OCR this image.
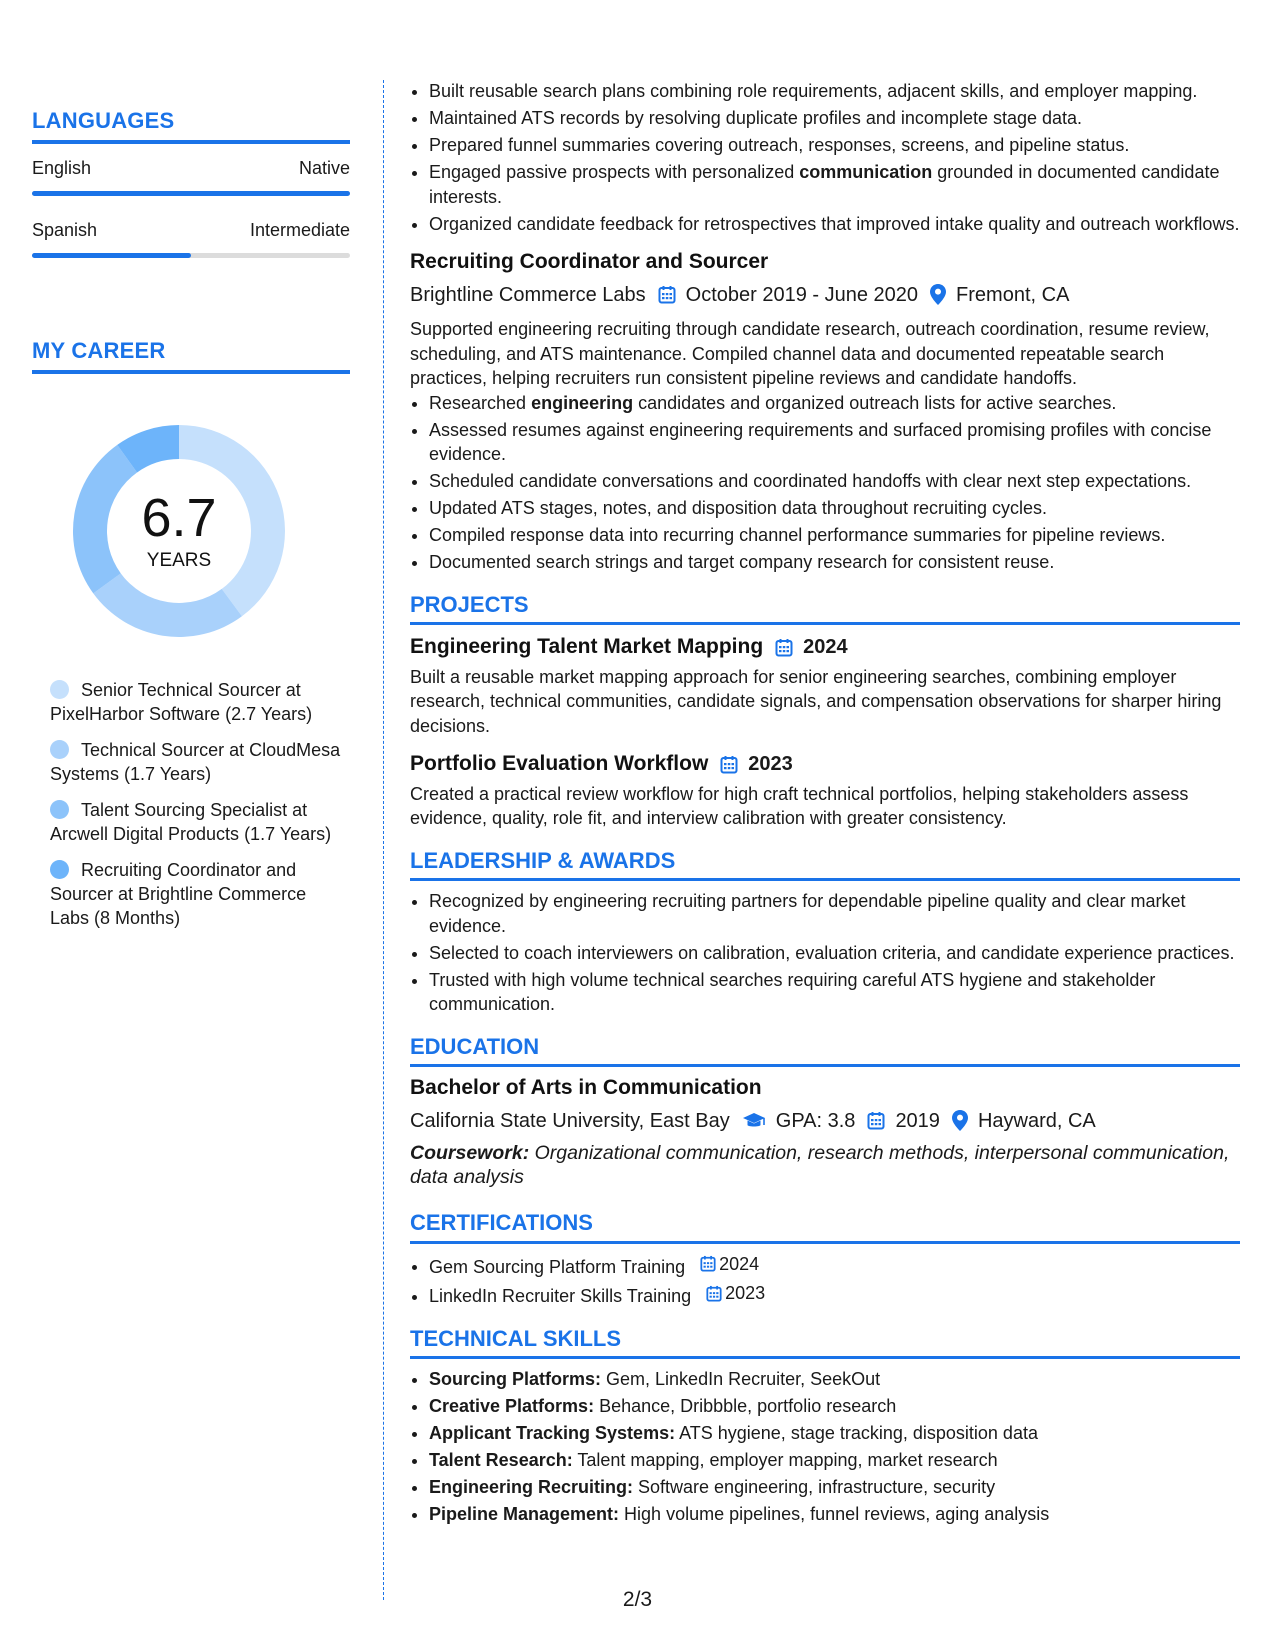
LANGUAGES
English	Native
Spanish	Intermediate
MY CAREER
6.7
YEARS
Senior Technical Sourcer at PixelHarbor Software (2.7 Years)
Technical Sourcer at CloudMesa Systems (1.7 Years)
Talent Sourcing Specialist at Arcwell Digital Products (1.7 Years)
Recruiting Coordinator and Sourcer at Brightline Commerce Labs (8 Months)
• Built reusable search plans combining role requirements, adjacent skills, and employer mapping.
• Maintained ATS records by resolving duplicate profiles and incomplete stage data.
• Prepared funnel summaries covering outreach, responses, screens, and pipeline status.
• Engaged passive prospects with personalized communication grounded in documented candidate interests.
• Organized candidate feedback for retrospectives that improved intake quality and outreach workflows.
Recruiting Coordinator and Sourcer
Brightline Commerce Labs October 2019 - June 2020 Fremont, CA
Supported engineering recruiting through candidate research, outreach coordination, resume review, scheduling, and ATS maintenance. Compiled channel data and documented repeatable search practices, helping recruiters run consistent pipeline reviews and candidate handoffs.
• Researched engineering candidates and organized outreach lists for active searches.
• Assessed resumes against engineering requirements and surfaced promising profiles with concise evidence.
• Scheduled candidate conversations and coordinated handoffs with clear next step expectations.
• Updated ATS stages, notes, and disposition data throughout recruiting cycles.
• Compiled response data into recurring channel performance summaries for pipeline reviews.
• Documented search strings and target company research for consistent reuse.
PROJECTS
Engineering Talent Market Mapping 2024
Built a reusable market mapping approach for senior engineering searches, combining employer research, technical communities, candidate signals, and compensation observations for sharper hiring decisions.
Portfolio Evaluation Workflow 2023
Created a practical review workflow for high craft technical portfolios, helping stakeholders assess evidence, quality, role fit, and interview calibration with greater consistency.
LEADERSHIP & AWARDS
• Recognized by engineering recruiting partners for dependable pipeline quality and clear market evidence.
• Selected to coach interviewers on calibration, evaluation criteria, and candidate experience practices.
• Trusted with high volume technical searches requiring careful ATS hygiene and stakeholder communication.
EDUCATION
Bachelor of Arts in Communication
California State University, East Bay GPA: 3.8 2019 Hayward, CA
Coursework: Organizational communication, research methods, interpersonal communication, data analysis
CERTIFICATIONS
• Gem Sourcing Platform Training 2024
• LinkedIn Recruiter Skills Training 2023
TECHNICAL SKILLS
• Sourcing Platforms: Gem, LinkedIn Recruiter, SeekOut
• Creative Platforms: Behance, Dribbble, portfolio research
• Applicant Tracking Systems: ATS hygiene, stage tracking, disposition data
• Talent Research: Talent mapping, employer mapping, market research
• Engineering Recruiting: Software engineering, infrastructure, security
• Pipeline Management: High volume pipelines, funnel reviews, aging analysis
2/3
